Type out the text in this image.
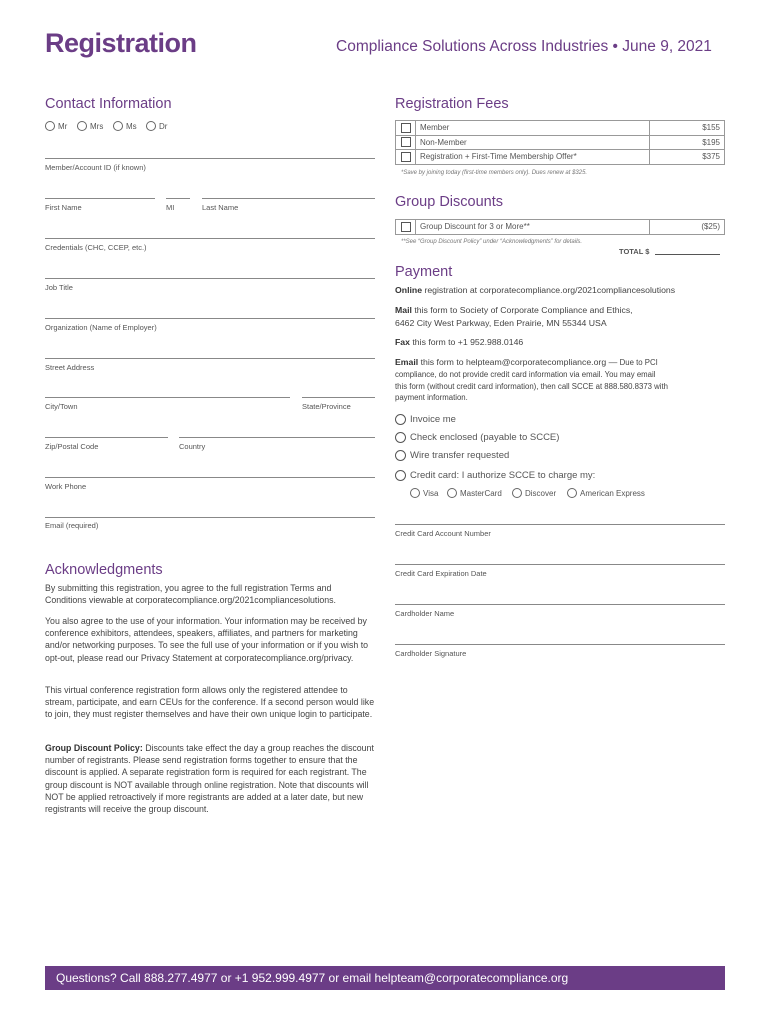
Registration	Compliance Solutions Across Industries • June 9, 2021
Contact Information
Mr	Mrs	Ms	Dr
Member/Account ID (if known)
First Name	MI	Last Name
Credentials (CHC, CCEP, etc.)
Job Title
Organization (Name of Employer)
Street Address
City/Town	State/Province
Zip/Postal Code	Country
Work Phone
Email (required)
Registration Fees
	Member	$155
	Non-Member	$195
	Registration + First-Time Membership Offer*	$375
*Save by joining today (first-time members only). Dues renew at $325.
Group Discounts
	Group Discount for 3 or More**	($25)
**See “Group Discount Policy” under “Acknowledgments” for details.
TOTAL $
Payment
Online registration at corporatecompliance.org/2021compliancesolutions
Mail this form to Society of Corporate Compliance and Ethics,
6462 City West Parkway, Eden Prairie, MN 55344 USA
Fax this form to +1 952.988.0146
Email this form to helpteam@corporatecompliance.org — Due to PCI
compliance, do not provide credit card information via email. You may email
this form (without credit card information), then call SCCE at 888.580.8373 with
payment information.
Invoice me
Check enclosed (payable to SCCE)
Wire transfer requested
Credit card: I authorize SCCE to charge my:
Visa	MasterCard	Discover	American Express
Credit Card Account Number
Credit Card Expiration Date
Cardholder Name
Cardholder Signature
Acknowledgments
By submitting this registration, you agree to the full registration Terms and Conditions viewable at corporatecompliance.org/2021compliancesolutions.
You also agree to the use of your information. Your information may be received by conference exhibitors, attendees, speakers, affiliates, and partners for marketing and/or networking purposes. To see the full use of your information or if you wish to opt-out, please read our Privacy Statement at corporatecompliance.org/privacy.
This virtual conference registration form allows only the registered attendee to stream, participate, and earn CEUs for the conference. If a second person would like to join, they must register themselves and have their own unique login to participate.
Group Discount Policy: Discounts take effect the day a group reaches the discount number of registrants. Please send registration forms together to ensure that the discount is applied. A separate registration form is required for each registrant. The group discount is NOT available through online registration. Note that discounts will NOT be applied retroactively if more registrants are added at a later date, but new registrants will receive the group discount.
Questions? Call 888.277.4977 or +1 952.999.4977 or email helpteam@corporatecompliance.org
